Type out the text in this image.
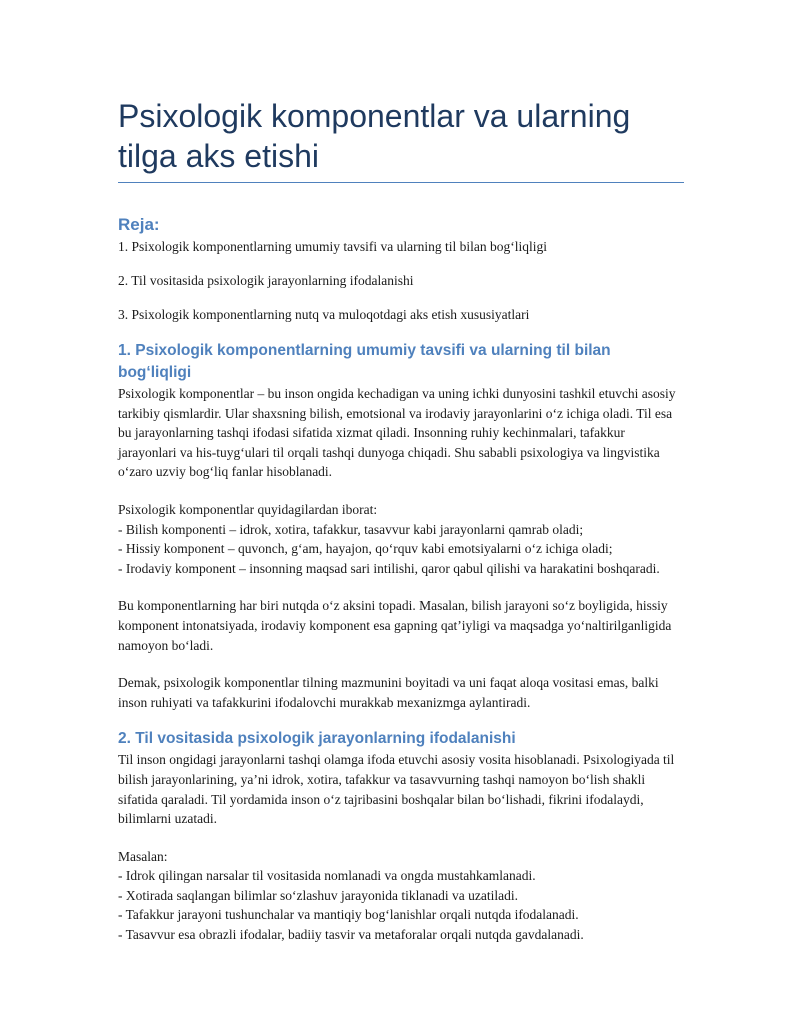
Psixologik komponentlar va ularning tilga aks etishi
Reja:

1. Psixologik komponentlarning umumiy tavsifi va ularning til bilan bog‘liqligi

2. Til vositasida psixologik jarayonlarning ifodalanishi

3. Psixologik komponentlarning nutq va muloqotdagi aks etish xususiyatlari

1. Psixologik komponentlarning umumiy tavsifi va ularning til bilan bog‘liqligi

Psixologik komponentlar – bu inson ongida kechadigan va uning ichki dunyosini tashkil etuvchi asosiy tarkibiy qismlardir. Ular shaxsning bilish, emotsional va irodaviy jarayonlarini o‘z ichiga oladi. Til esa bu jarayonlarning tashqi ifodasi sifatida xizmat qiladi. Insonning ruhiy kechinmalari, tafakkur jarayonlari va his-tuyg‘ulari til orqali tashqi dunyoga chiqadi. Shu sababli psixologiya va lingvistika o‘zaro uzviy bog‘liq fanlar hisoblanadi.

Psixologik komponentlar quyidagilardan iborat:
- Bilish komponenti – idrok, xotira, tafakkur, tasavvur kabi jarayonlarni qamrab oladi;
- Hissiy komponent – quvonch, g‘am, hayajon, qo‘rquv kabi emotsiyalarni o‘z ichiga oladi;
- Irodaviy komponent – insonning maqsad sari intilishi, qaror qabul qilishi va harakatini boshqaradi.

Bu komponentlarning har biri nutqda o‘z aksini topadi. Masalan, bilish jarayoni so‘z boyligida, hissiy komponent intonatsiyada, irodaviy komponent esa gapning qat’iyligi va maqsadga yo‘naltirilganligida namoyon bo‘ladi.

Demak, psixologik komponentlar tilning mazmunini boyitadi va uni faqat aloqa vositasi emas, balki inson ruhiyati va tafakkurini ifodalovchi murakkab mexanizmga aylantiradi.

2. Til vositasida psixologik jarayonlarning ifodalanishi

Til inson ongidagi jarayonlarni tashqi olamga ifoda etuvchi asosiy vosita hisoblanadi. Psixologiyada til bilish jarayonlarining, ya’ni idrok, xotira, tafakkur va tasavvurning tashqi namoyon bo‘lish shakli sifatida qaraladi. Til yordamida inson o‘z tajribasini boshqalar bilan bo‘lishadi, fikrini ifodalaydi, bilimlarni uzatadi.

Masalan:
- Idrok qilingan narsalar til vositasida nomlanadi va ongda mustahkamlanadi.
- Xotirada saqlangan bilimlar so‘zlashuv jarayonida tiklanadi va uzatiladi.
- Tafakkur jarayoni tushunchalar va mantiqiy bog‘lanishlar orqali nutqda ifodalanadi.
- Tasavvur esa obrazli ifodalar, badiiy tasvir va metaforalar orqali nutqda gavdalanadi.
